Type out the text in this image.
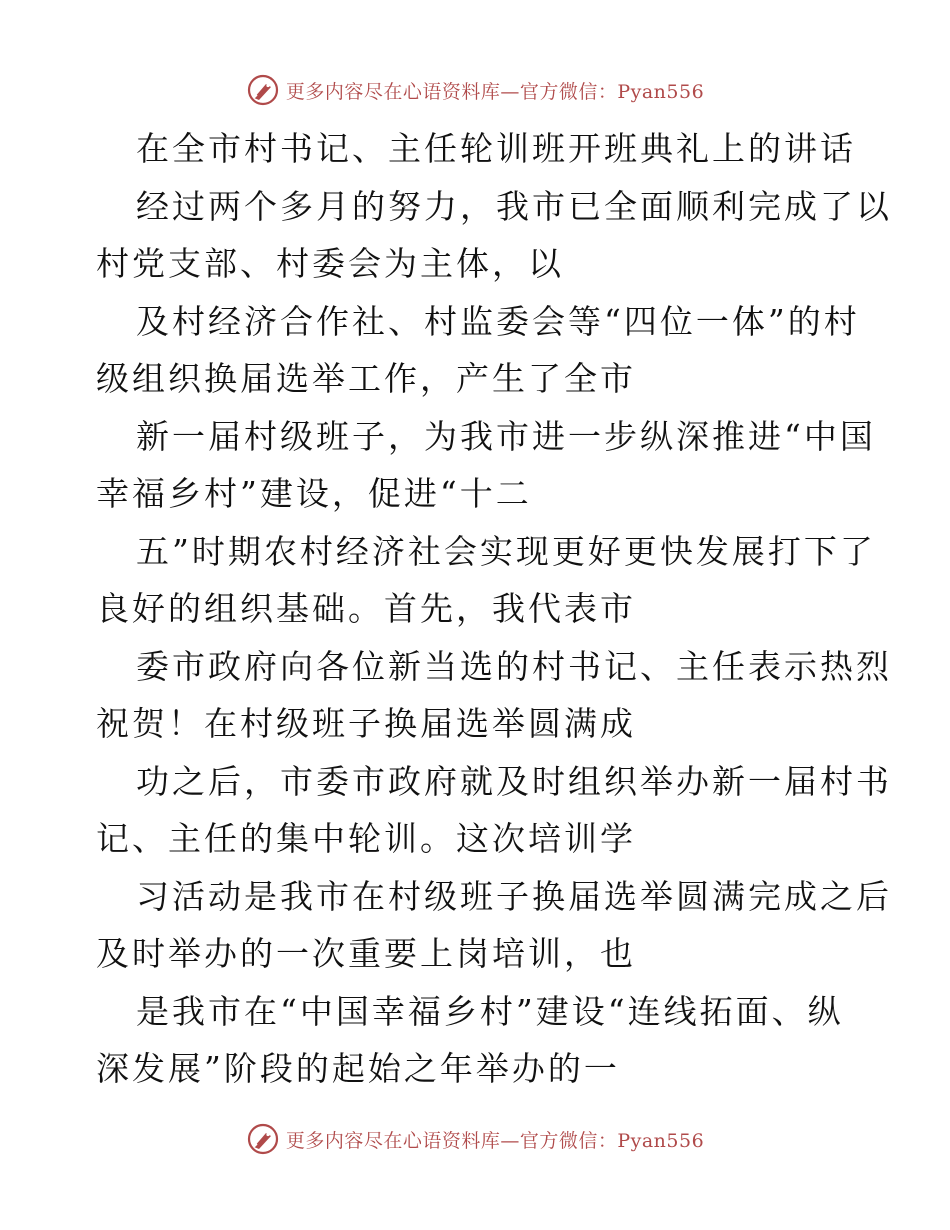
更多内容尽在心语资料库—官方微信：Pyan556
在全市村书记、主任轮训班开班典礼上的讲话
经过两个多月的努力，我市已全面顺利完成了以
村党支部、村委会为主体，以
及村经济合作社、村监委会等“四位一体”的村
级组织换届选举工作，产生了全市
新一届村级班子，为我市进一步纵深推进“中国
幸福乡村”建设，促进“十二
五”时期农村经济社会实现更好更快发展打下了
良好的组织基础。首先，我代表市
委市政府向各位新当选的村书记、主任表示热烈
祝贺！在村级班子换届选举圆满成
功之后，市委市政府就及时组织举办新一届村书
记、主任的集中轮训。这次培训学
习活动是我市在村级班子换届选举圆满完成之后
及时举办的一次重要上岗培训，也
是我市在“中国幸福乡村”建设“连线拓面、纵
深发展”阶段的起始之年举办的一
更多内容尽在心语资料库—官方微信：Pyan556
